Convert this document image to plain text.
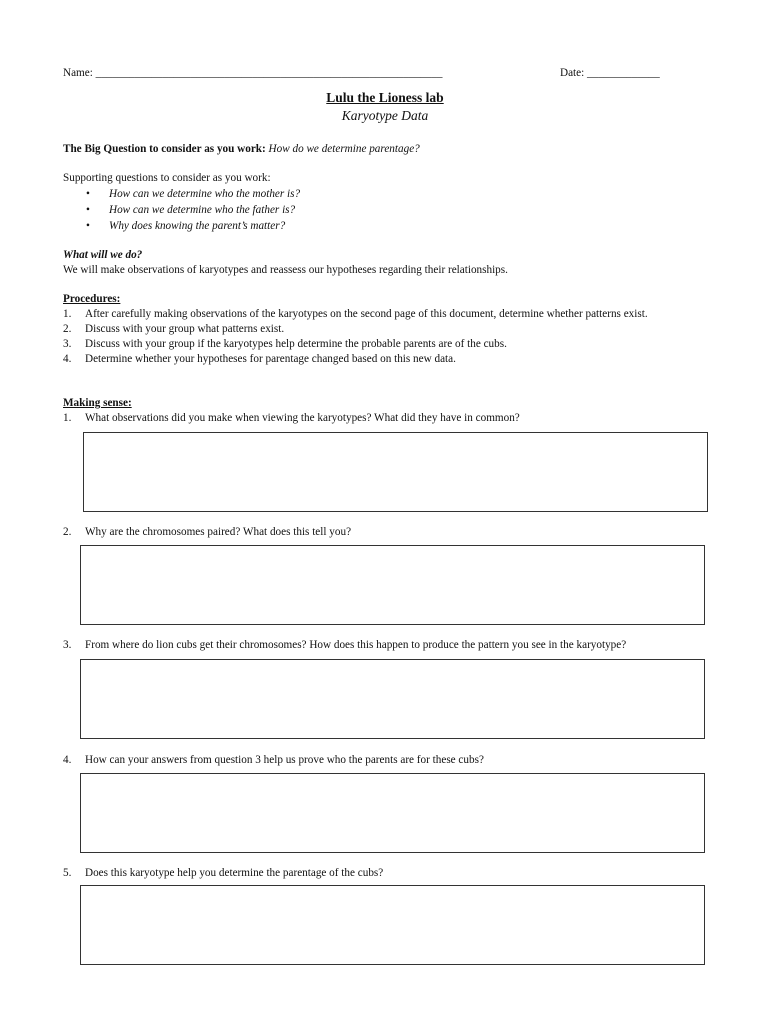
Name: ______________________________________________________________	Date: _____________
Lulu the Lioness lab
Karyotype Data
The Big Question to consider as you work: How do we determine parentage?
Supporting questions to consider as you work:
• How can we determine who the mother is?
• How can we determine who the father is?
• Why does knowing the parent’s matter?
What will we do?
We will make observations of karyotypes and reassess our hypotheses regarding their relationships.
Procedures:
1.	After carefully making observations of the karyotypes on the second page of this document, determine whether patterns exist.
2.	Discuss with your group what patterns exist.
3.	Discuss with your group if the karyotypes help determine the probable parents are of the cubs.
4.	Determine whether your hypotheses for parentage changed based on this new data.
Making sense:
1.	What observations did you make when viewing the karyotypes? What did they have in common?
2.	Why are the chromosomes paired? What does this tell you?
3.	From where do lion cubs get their chromosomes? How does this happen to produce the pattern you see in the karyotype?
4.	How can your answers from question 3 help us prove who the parents are for these cubs?
5.	Does this karyotype help you determine the parentage of the cubs?
